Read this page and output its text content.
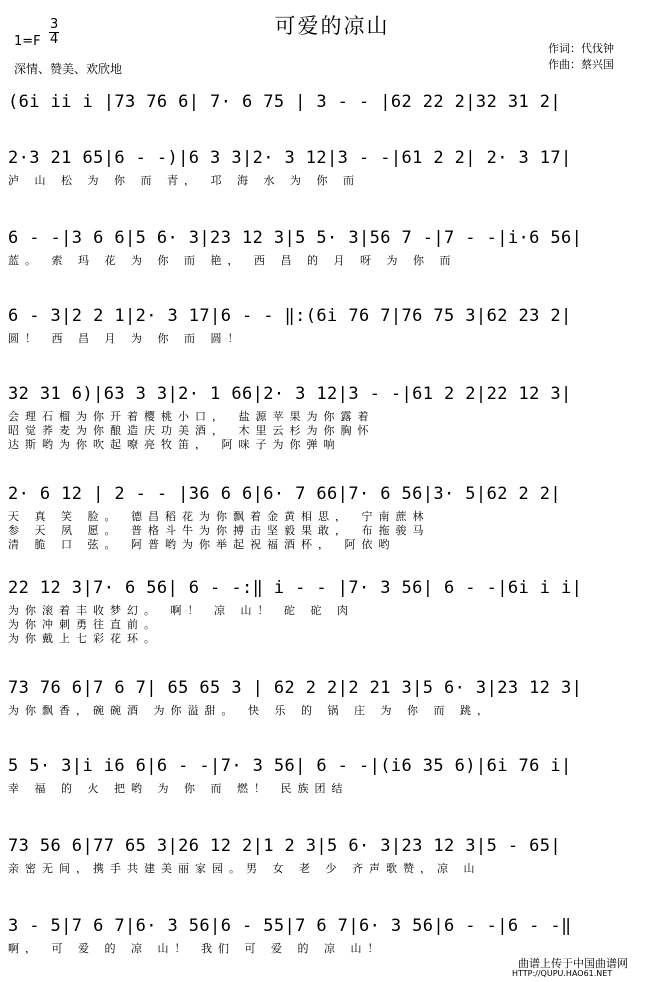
可爱的凉山
1=F
3
4
深情、赞美、欢欣地
作词：代伐钟
作曲：蔡兴国
(6i ii i |73 76 6| 7· 6 75 | 3 - - |62 22 2|32 31 2|
2·3 21 65|6 - -)|6 3 3|2· 3 12|3 - -|61 2 2| 2· 3 17|
泸 山 松 为 你 而 青， 邛 海 水 为 你 而
6 - -|3 6 6|5 6· 3|23 12 3|5 5· 3|56 7 -|7 - -|i·6 56|
蓝。 索 玛 花 为 你 而 艳， 西 昌 的 月 呀 为 你 而
6 - 3|2 2 1|2· 3 17|6 - - ‖:(6i 76 7|76 75 3|62 23 2|
圆！ 西 昌 月 为 你 而 圆！
32 31 6)|63 3 3|2· 1 66|2· 3 12|3 - -|61 2 2|22 12 3|
会理石榴为你开着樱桃小口， 盐源苹果为你露着
昭觉荞麦为你酿造庆功美酒， 木里云杉为你胸怀
达斯哟为你吹起嘹亮牧笛， 阿咪子为你弹响
2· 6 12 | 2 - - |36 6 6|6· 7 66|7· 6 56|3· 5|62 2 2|
天 真 笑 脸。 德昌稻花为你飘着金黄相思， 宁南蔗林
参 天 夙 愿。 普格斗牛为你搏击坚毅果敢， 布拖骏马
清 脆 口 弦。 阿普哟为你举起祝福酒杯， 阿依哟
22 12 3|7· 6 56| 6 - -:‖ i - - |7· 3 56| 6 - -|6i i i|
为你滚着丰收梦幻。 啊！ 凉 山！ 砣 砣 肉
为你冲刺勇往直前。
为你戴上七彩花环。
73 76 6|7 6 7| 65 65 3 | 62 2 2|2 21 3|5 6· 3|23 12 3|
为你飘香，碗碗酒 为你溢甜。 快 乐 的 锅 庄 为 你 而 跳，
5 5· 3|i i6 6|6 - -|7· 3 56| 6 - -|(i6 35 6)|6i 76 i|
幸 福 的 火 把哟 为 你 而 燃！ 民族团结
73 56 6|77 65 3|26 12 2|1 2 3|5 6· 3|23 12 3|5 - 65|
亲密无间，携手共建美丽家园。男 女 老 少 齐声歌赞，凉 山
3 - 5|7 6 7|6· 3 56|6 - 55|7 6 7|6· 3 56|6 - -|6 - -‖
啊， 可 爱 的 凉 山！ 我们 可 爱 的 凉 山！
曲谱上传于中国曲谱网
HTTP://QUPU.HAO61.NET
